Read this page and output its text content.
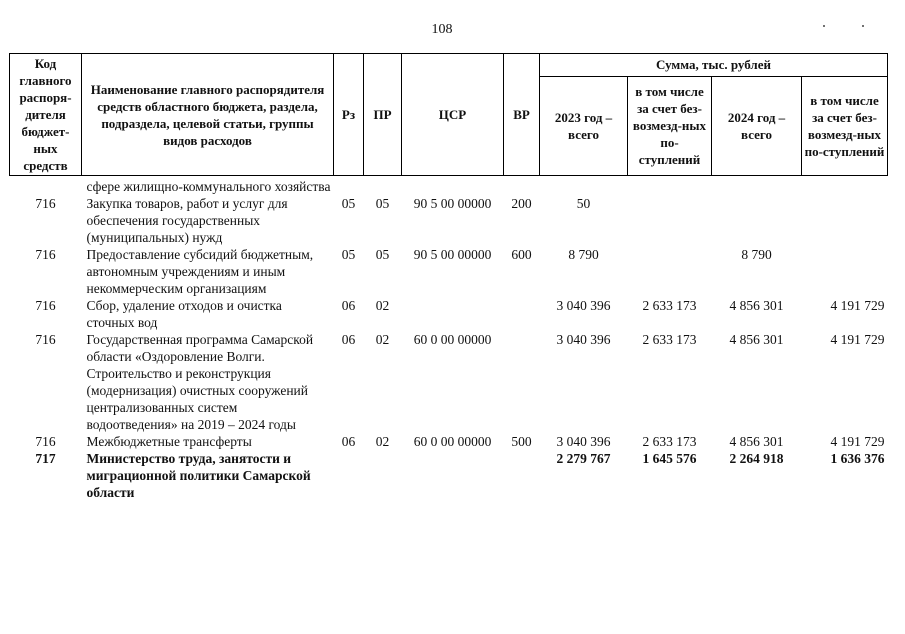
108
Код главного распоря-дителя бюджет-ных средств	Наименование главного распорядителя средств областного бюджета, раздела, подраздела, целевой статьи, группы видов расходов	Рз	ПР	ЦСР	ВР	Сумма, тыс. рублей			
						2023 год – всего	в том числе за счет без-возмезд-ных по-ступлений	2024 год – всего	в том числе за счет без-возмезд-ных по-ступлений
	сфере жилищно-коммунального хозяйства								
716	Закупка товаров, работ и услуг для обеспечения государственных (муниципальных) нужд	05	05	90 5 00 00000	200	50			
716	Предоставление субсидий бюджетным, автономным учреждениям и иным некоммерческим организациям	05	05	90 5 00 00000	600	8 790		8 790	
716	Сбор, удаление отходов и очистка сточных вод	06	02			3 040 396	2 633 173	4 856 301	4 191 729
716	Государственная программа Самарской области «Оздоровление Волги. Строительство и реконструкция (модернизация) очистных сооружений централизованных систем водоотведения» на 2019 – 2024 годы	06	02	60 0 00 00000		3 040 396	2 633 173	4 856 301	4 191 729
716	Межбюджетные трансферты	06	02	60 0 00 00000	500	3 040 396	2 633 173	4 856 301	4 191 729
717	Министерство труда, занятости и миграционной политики Самарской области					2 279 767	1 645 576	2 264 918	1 636 376
